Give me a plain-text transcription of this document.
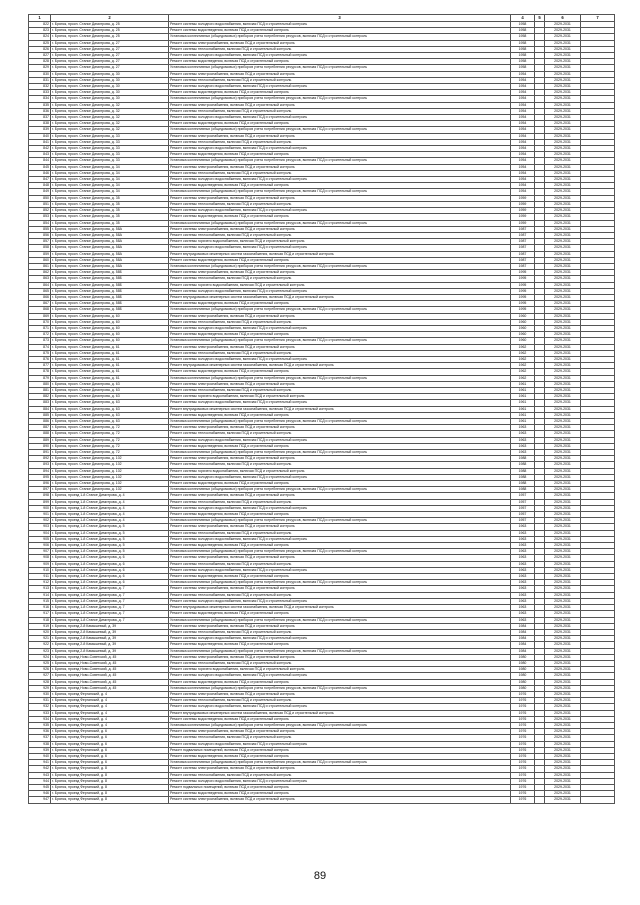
1	2	3	4	5	6	7
822	г. Брянск, просп. Станке Димитрова, д. 25	Ремонт системы холодного водоснабжения, включая ПСД и строительный контроль	1958		2029-2031	
823	г. Брянск, просп. Станке Димитрова, д. 25	Ремонт системы водоотведения, включая ПСД и строительный контроль	1958		2029-2031	
824	г. Брянск, просп. Станке Димитрова, д. 25	Установка коллективных (общедомовых) приборов учета потребления ресурсов, включая ПСД и строительный контроль	1958		2029-2031	
825	г. Брянск, просп. Станке Димитрова, д. 27	Ремонт системы электроснабжения, включая ПСД и строительный контроль	1958		2029-2031	
826	г. Брянск, просп. Станке Димитрова, д. 27	Ремонт системы теплоснабжения, включая ПСД и строительный контроль	1958		2029-2031	
827	г. Брянск, просп. Станке Димитрова, д. 27	Ремонт системы холодного водоснабжения, включая ПСД и строительный контроль	1958		2029-2031	
828	г. Брянск, просп. Станке Димитрова, д. 27	Ремонт системы водоотведения, включая ПСД и строительный контроль	1958		2029-2031	
829	г. Брянск, просп. Станке Димитрова, д. 27	Установка коллективных (общедомовых) приборов учета потребления ресурсов, включая ПСД и строительный контроль	1958		2029-2031	
830	г. Брянск, просп. Станке Димитрова, д. 30	Ремонт системы электроснабжения, включая ПСД и строительный контроль	1954		2029-2031	
831	г. Брянск, просп. Станке Димитрова, д. 30	Ремонт системы теплоснабжения, включая ПСД и строительный контроль	1954		2029-2031	
832	г. Брянск, просп. Станке Димитрова, д. 30	Ремонт системы холодного водоснабжения, включая ПСД и строительный контроль	1954		2029-2031	
833	г. Брянск, просп. Станке Димитрова, д. 30	Ремонт системы водоотведения, включая ПСД и строительный контроль	1954		2029-2031	
834	г. Брянск, просп. Станке Димитрова, д. 30	Установка коллективных (общедомовых) приборов учета потребления ресурсов, включая ПСД и строительный контроль	1954		2029-2031	
835	г. Брянск, просп. Станке Димитрова, д. 32	Ремонт системы электроснабжения, включая ПСД и строительный контроль	1954		2029-2031	
836	г. Брянск, просп. Станке Димитрова, д. 32	Ремонт системы теплоснабжения, включая ПСД и строительный контроль	1954		2029-2031	
837	г. Брянск, просп. Станке Димитрова, д. 32	Ремонт системы холодного водоснабжения, включая ПСД и строительный контроль	1954		2029-2031	
838	г. Брянск, просп. Станке Димитрова, д. 32	Ремонт системы водоотведения, включая ПСД и строительный контроль	1954		2029-2031	
839	г. Брянск, просп. Станке Димитрова, д. 32	Установка коллективных (общедомовых) приборов учета потребления ресурсов, включая ПСД и строительный контроль	1954		2029-2031	
840	г. Брянск, просп. Станке Димитрова, д. 33	Ремонт системы электроснабжения, включая ПСД и строительный контроль	1954		2029-2031	
841	г. Брянск, просп. Станке Димитрова, д. 33	Ремонт системы теплоснабжения, включая ПСД и строительный контроль	1954		2029-2031	
842	г. Брянск, просп. Станке Димитрова, д. 33	Ремонт системы холодного водоснабжения, включая ПСД и строительный контроль	1954		2029-2031	
843	г. Брянск, просп. Станке Димитрова, д. 33	Ремонт системы водоотведения, включая ПСД и строительный контроль	1954		2029-2031	
844	г. Брянск, просп. Станке Димитрова, д. 33	Установка коллективных (общедомовых) приборов учета потребления ресурсов, включая ПСД и строительный контроль	1954		2029-2031	
845	г. Брянск, просп. Станке Димитрова, д. 34	Ремонт системы электроснабжения, включая ПСД и строительный контроль	1954		2029-2031	
846	г. Брянск, просп. Станке Димитрова, д. 34	Ремонт системы теплоснабжения, включая ПСД и строительный контроль	1954		2029-2031	
847	г. Брянск, просп. Станке Димитрова, д. 34	Ремонт системы холодного водоснабжения, включая ПСД и строительный контроль	1954		2029-2031	
848	г. Брянск, просп. Станке Димитрова, д. 34	Ремонт системы водоотведения, включая ПСД и строительный контроль	1954		2029-2031	
849	г. Брянск, просп. Станке Димитрова, д. 34	Установка коллективных (общедомовых) приборов учета потребления ресурсов, включая ПСД и строительный контроль	1954		2029-2031	
850	г. Брянск, просп. Станке Димитрова, д. 35	Ремонт системы электроснабжения, включая ПСД и строительный контроль	1959		2029-2031	
851	г. Брянск, просп. Станке Димитрова, д. 35	Ремонт системы теплоснабжения, включая ПСД и строительный контроль	1959		2029-2031	
852	г. Брянск, просп. Станке Димитрова, д. 35	Ремонт системы холодного водоснабжения, включая ПСД и строительный контроль	1959		2029-2031	
853	г. Брянск, просп. Станке Димитрова, д. 35	Ремонт системы водоотведения, включая ПСД и строительный контроль	1959		2029-2031	
854	г. Брянск, просп. Станке Димитрова, д. 35	Установка коллективных (общедомовых) приборов учета потребления ресурсов, включая ПСД и строительный контроль	1959		2029-2031	
855	г. Брянск, просп. Станке Димитрова, д. 58А	Ремонт системы электроснабжения, включая ПСД и строительный контроль	1987		2029-2031	
856	г. Брянск, просп. Станке Димитрова, д. 58А	Ремонт системы теплоснабжения, включая ПСД и строительный контроль	1987		2029-2031	
857	г. Брянск, просп. Станке Димитрова, д. 58А	Ремонт системы горячего водоснабжения, включая ПСД и строительный контроль	1987		2029-2031	
858	г. Брянск, просп. Станке Димитрова, д. 58А	Ремонт системы холодного водоснабжения, включая ПСД и строительный контроль	1987		2029-2031	
859	г. Брянск, просп. Станке Димитрова, д. 58А	Ремонт внутридомовых инженерных систем газоснабжения, включая ПСД и строительный контроль	1987		2029-2031	
860	г. Брянск, просп. Станке Димитрова, д. 58А	Ремонт системы водоотведения, включая ПСД и строительный контроль	1987		2029-2031	
861	г. Брянск, просп. Станке Димитрова, д. 58А	Установка коллективных (общедомовых) приборов учета потребления ресурсов, включая ПСД и строительный контроль	1987		2029-2031	
862	г. Брянск, просп. Станке Димитрова, д. 58Б	Ремонт системы электроснабжения, включая ПСД и строительный контроль	1995		2029-2031	
863	г. Брянск, просп. Станке Димитрова, д. 58Б	Ремонт системы теплоснабжения, включая ПСД и строительный контроль	1995		2029-2031	
864	г. Брянск, просп. Станке Димитрова, д. 58Б	Ремонт системы горячего водоснабжения, включая ПСД и строительный контроль	1995		2029-2031	
865	г. Брянск, просп. Станке Димитрова, д. 58Б	Ремонт системы холодного водоснабжения, включая ПСД и строительный контроль	1995		2029-2031	
866	г. Брянск, просп. Станке Димитрова, д. 58Б	Ремонт внутридомовых инженерных систем газоснабжения, включая ПСД и строительный контроль	1995		2029-2031	
867	г. Брянск, просп. Станке Димитрова, д. 58Б	Ремонт системы водоотведения, включая ПСД и строительный контроль	1995		2029-2031	
868	г. Брянск, просп. Станке Димитрова, д. 58Б	Установка коллективных (общедомовых) приборов учета потребления ресурсов, включая ПСД и строительный контроль	1995		2029-2031	
869	г. Брянск, просп. Станке Димитрова, д. 60	Ремонт системы электроснабжения, включая ПСД и строительный контроль	1960		2029-2031	
870	г. Брянск, просп. Станке Димитрова, д. 60	Ремонт системы теплоснабжения, включая ПСД и строительный контроль	1960		2029-2031	
871	г. Брянск, просп. Станке Димитрова, д. 60	Ремонт системы холодного водоснабжения, включая ПСД и строительный контроль	1960		2029-2031	
872	г. Брянск, просп. Станке Димитрова, д. 60	Ремонт системы водоотведения, включая ПСД и строительный контроль	1960		2029-2031	
873	г. Брянск, просп. Станке Димитрова, д. 60	Установка коллективных (общедомовых) приборов учета потребления ресурсов, включая ПСД и строительный контроль	1960		2029-2031	
874	г. Брянск, просп. Станке Димитрова, д. 61	Ремонт системы электроснабжения, включая ПСД и строительный контроль	1962		2029-2031	
875	г. Брянск, просп. Станке Димитрова, д. 61	Ремонт системы теплоснабжения, включая ПСД и строительный контроль	1962		2029-2031	
876	г. Брянск, просп. Станке Димитрова, д. 61	Ремонт системы холодного водоснабжения, включая ПСД и строительный контроль	1962		2029-2031	
877	г. Брянск, просп. Станке Димитрова, д. 61	Ремонт внутридомовых инженерных систем газоснабжения, включая ПСД и строительный контроль	1962		2029-2031	
878	г. Брянск, просп. Станке Димитрова, д. 61	Ремонт системы водоотведения, включая ПСД и строительный контроль	1962		2029-2031	
879	г. Брянск, просп. Станке Димитрова, д. 61	Установка коллективных (общедомовых) приборов учета потребления ресурсов, включая ПСД и строительный контроль	1962		2029-2031	
880	г. Брянск, просп. Станке Димитрова, д. 63	Ремонт системы электроснабжения, включая ПСД и строительный контроль	1961		2029-2031	
881	г. Брянск, просп. Станке Димитрова, д. 63	Ремонт системы теплоснабжения, включая ПСД и строительный контроль	1961		2029-2031	
882	г. Брянск, просп. Станке Димитрова, д. 63	Ремонт системы горячего водоснабжения, включая ПСД и строительный контроль	1961		2029-2031	
883	г. Брянск, просп. Станке Димитрова, д. 63	Ремонт системы холодного водоснабжения, включая ПСД и строительный контроль	1961		2029-2031	
884	г. Брянск, просп. Станке Димитрова, д. 63	Ремонт внутридомовых инженерных систем газоснабжения, включая ПСД и строительный контроль	1961		2029-2031	
885	г. Брянск, просп. Станке Димитрова, д. 63	Ремонт системы водоотведения, включая ПСД и строительный контроль	1961		2029-2031	
886	г. Брянск, просп. Станке Димитрова, д. 63	Установка коллективных (общедомовых) приборов учета потребления ресурсов, включая ПСД и строительный контроль	1961		2029-2031	
887	г. Брянск, просп. Станке Димитрова, д. 72	Ремонт системы электроснабжения, включая ПСД и строительный контроль	1963		2029-2031	
888	г. Брянск, просп. Станке Димитрова, д. 72	Ремонт системы теплоснабжения, включая ПСД и строительный контроль	1963		2029-2031	
889	г. Брянск, просп. Станке Димитрова, д. 72	Ремонт системы холодного водоснабжения, включая ПСД и строительный контроль	1963		2029-2031	
890	г. Брянск, просп. Станке Димитрова, д. 72	Ремонт системы водоотведения, включая ПСД и строительный контроль	1963		2029-2031	
891	г. Брянск, просп. Станке Димитрова, д. 72	Установка коллективных (общедомовых) приборов учета потребления ресурсов, включая ПСД и строительный контроль	1963		2029-2031	
892	г. Брянск, просп. Станке Димитрова, д. 102	Ремонт системы электроснабжения, включая ПСД и строительный контроль	1988		2029-2031	
893	г. Брянск, просп. Станке Димитрова, д. 102	Ремонт системы теплоснабжения, включая ПСД и строительный контроль	1988		2029-2031	
894	г. Брянск, просп. Станке Димитрова, д. 102	Ремонт системы горячего водоснабжения, включая ПСД и строительный контроль	1988		2029-2031	
895	г. Брянск, просп. Станке Димитрова, д. 102	Ремонт системы холодного водоснабжения, включая ПСД и строительный контроль	1988		2029-2031	
896	г. Брянск, просп. Станке Димитрова, д. 102	Ремонт системы водоотведения, включая ПСД и строительный контроль	1988		2029-2031	
897	г. Брянск, просп. Станке Димитрова, д. 102	Установка коллективных (общедомовых) приборов учета потребления ресурсов, включая ПСД и строительный контроль	1988		2029-2031	
898	г. Брянск, проезд 1-й Станке Димитрова, д. 4	Ремонт системы электроснабжения, включая ПСД и строительный контроль	1957		2029-2031	
899	г. Брянск, проезд 1-й Станке Димитрова, д. 4	Ремонт системы теплоснабжения, включая ПСД и строительный контроль	1957		2029-2031	
900	г. Брянск, проезд 1-й Станке Димитрова, д. 4	Ремонт системы холодного водоснабжения, включая ПСД и строительный контроль	1957		2029-2031	
901	г. Брянск, проезд 1-й Станке Димитрова, д. 4	Ремонт системы водоотведения, включая ПСД и строительный контроль	1957		2029-2031	
902	г. Брянск, проезд 1-й Станке Димитрова, д. 4	Установка коллективных (общедомовых) приборов учета потребления ресурсов, включая ПСД и строительный контроль	1957		2029-2031	
903	г. Брянск, проезд 1-й Станке Димитрова, д. 5	Ремонт системы электроснабжения, включая ПСД и строительный контроль	1963		2029-2031	
904	г. Брянск, проезд 1-й Станке Димитрова, д. 5	Ремонт системы теплоснабжения, включая ПСД и строительный контроль	1963		2029-2031	
905	г. Брянск, проезд 1-й Станке Димитрова, д. 5	Ремонт системы холодного водоснабжения, включая ПСД и строительный контроль	1963		2029-2031	
906	г. Брянск, проезд 1-й Станке Димитрова, д. 5	Ремонт системы водоотведения, включая ПСД и строительный контроль	1963		2029-2031	
907	г. Брянск, проезд 1-й Станке Димитрова, д. 5	Установка коллективных (общедомовых) приборов учета потребления ресурсов, включая ПСД и строительный контроль	1963		2029-2031	
908	г. Брянск, проезд 1-й Станке Димитрова, д. 6	Ремонт системы электроснабжения, включая ПСД и строительный контроль	1963		2029-2031	
909	г. Брянск, проезд 1-й Станке Димитрова, д. 6	Ремонт системы теплоснабжения, включая ПСД и строительный контроль	1963		2029-2031	
910	г. Брянск, проезд 1-й Станке Димитрова, д. 6	Ремонт системы холодного водоснабжения, включая ПСД и строительный контроль	1963		2029-2031	
911	г. Брянск, проезд 1-й Станке Димитрова, д. 6	Ремонт системы водоотведения, включая ПСД и строительный контроль	1963		2029-2031	
912	г. Брянск, проезд 1-й Станке Димитрова, д. 6	Установка коллективных (общедомовых) приборов учета потребления ресурсов, включая ПСД и строительный контроль	1963		2029-2031	
913	г. Брянск, проезд 1-й Станке Димитрова, д. 7	Ремонт системы электроснабжения, включая ПСД и строительный контроль	1963		2029-2031	
914	г. Брянск, проезд 1-й Станке Димитрова, д. 7	Ремонт системы теплоснабжения, включая ПСД и строительный контроль	1963		2029-2031	
915	г. Брянск, проезд 1-й Станке Димитрова, д. 7	Ремонт системы холодного водоснабжения, включая ПСД и строительный контроль	1963		2029-2031	
916	г. Брянск, проезд 1-й Станке Димитрова, д. 7	Ремонт внутридомовых инженерных систем газоснабжения, включая ПСД и строительный контроль	1963		2029-2031	
917	г. Брянск, проезд 1-й Станке Димитрова, д. 7	Ремонт системы водоотведения, включая ПСД и строительный контроль	1963		2029-2031	
918	г. Брянск, проезд 1-й Станке Димитрова, д. 7	Установка коллективных (общедомовых) приборов учета потребления ресурсов, включая ПСД и строительный контроль	1963		2029-2031	
919	г. Брянск, проезд 2-й Камышевый, д. 39	Ремонт системы электроснабжения, включая ПСД и строительный контроль	1984		2029-2031	
920	г. Брянск, проезд 2-й Камышевый, д. 39	Ремонт системы теплоснабжения, включая ПСД и строительный контроль	1984		2029-2031	
921	г. Брянск, проезд 2-й Камышевый, д. 39	Ремонт системы холодного водоснабжения, включая ПСД и строительный контроль	1984		2029-2031	
922	г. Брянск, проезд 2-й Камышевый, д. 39	Ремонт системы водоотведения, включая ПСД и строительный контроль	1984		2029-2031	
923	г. Брянск, проезд 2-й Камышевый, д. 39	Установка коллективных (общедомовых) приборов учета потребления ресурсов, включая ПСД и строительный контроль	1984		2029-2031	
924	г. Брянск, проезд Ново-Советский, д. 45	Ремонт системы электроснабжения, включая ПСД и строительный контроль	1980		2029-2031	
925	г. Брянск, проезд Ново-Советский, д. 45	Ремонт системы теплоснабжения, включая ПСД и строительный контроль	1980		2029-2031	
926	г. Брянск, проезд Ново-Советский, д. 45	Ремонт системы горячего водоснабжения, включая ПСД и строительный контроль	1980		2029-2031	
927	г. Брянск, проезд Ново-Советский, д. 45	Ремонт системы холодного водоснабжения, включая ПСД и строительный контроль	1980		2029-2031	
928	г. Брянск, проезд Ново-Советский, д. 45	Ремонт системы водоотведения, включая ПСД и строительный контроль	1980		2029-2031	
929	г. Брянск, проезд Ново-Советский, д. 45	Установка коллективных (общедомовых) приборов учета потребления ресурсов, включая ПСД и строительный контроль	1980		2029-2031	
930	г. Брянск, проезд Ферганский, д. 4	Ремонт системы электроснабжения, включая ПСД и строительный контроль	1976		2029-2031	
931	г. Брянск, проезд Ферганский, д. 4	Ремонт системы теплоснабжения, включая ПСД и строительный контроль	1976		2029-2031	
932	г. Брянск, проезд Ферганский, д. 4	Ремонт системы холодного водоснабжения, включая ПСД и строительный контроль	1976		2029-2031	
933	г. Брянск, проезд Ферганский, д. 4	Ремонт внутридомовых инженерных систем газоснабжения, включая ПСД и строительный контроль	1976		2029-2031	
934	г. Брянск, проезд Ферганский, д. 4	Ремонт системы водоотведения, включая ПСД и строительный контроль	1976		2029-2031	
935	г. Брянск, проезд Ферганский, д. 4	Установка коллективных (общедомовых) приборов учета потребления ресурсов, включая ПСД и строительный контроль	1976		2029-2031	
936	г. Брянск, проезд Ферганский, д. 6	Ремонт системы электроснабжения, включая ПСД и строительный контроль	1976		2029-2031	
937	г. Брянск, проезд Ферганский, д. 6	Ремонт системы теплоснабжения, включая ПСД и строительный контроль	1976		2029-2031	
938	г. Брянск, проезд Ферганский, д. 6	Ремонт системы холодного водоснабжения, включая ПСД и строительный контроль	1976		2029-2031	
939	г. Брянск, проезд Ферганский, д. 6	Ремонт подвальных помещений, включая ПСД и строительный контроль	1976		2029-2031	
940	г. Брянск, проезд Ферганский, д. 6	Ремонт системы водоотведения, включая ПСД и строительный контроль	1976		2029-2031	
941	г. Брянск, проезд Ферганский, д. 6	Установка коллективных (общедомовых) приборов учета потребления ресурсов, включая ПСД и строительный контроль	1976		2029-2031	
942	г. Брянск, проезд Ферганский, д. 8	Ремонт системы электроснабжения, включая ПСД и строительный контроль	1976		2029-2031	
943	г. Брянск, проезд Ферганский, д. 8	Ремонт системы теплоснабжения, включая ПСД и строительный контроль	1976		2029-2031	
944	г. Брянск, проезд Ферганский, д. 8	Ремонт системы холодного водоснабжения, включая ПСД и строительный контроль	1976		2029-2031	
945	г. Брянск, проезд Ферганский, д. 8	Ремонт подвальных помещений, включая ПСД и строительный контроль	1976		2029-2031	
946	г. Брянск, проезд Ферганский, д. 8	Ремонт системы водоотведения, включая ПСД и строительный контроль	1976		2029-2031	
947	г. Брянск, проезд Ферганский, д. 8	Ремонт системы электроснабжения, включая ПСД и строительный контроль	1976		2029-2031	
89
